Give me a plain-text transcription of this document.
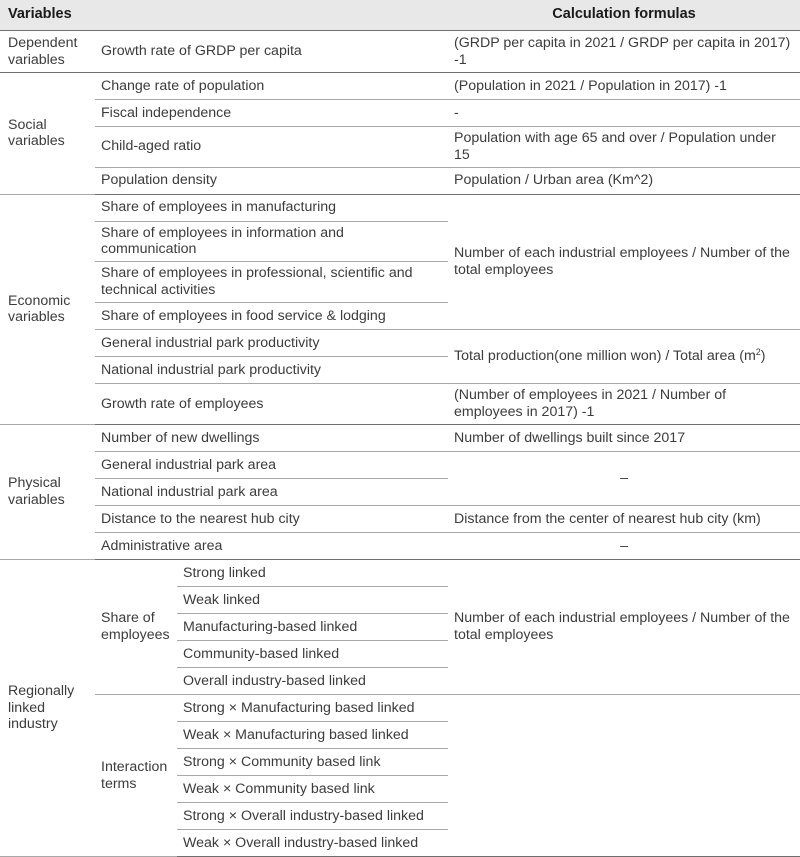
Variables			Calculation formulas
Dependent variables	Growth rate of GRDP per capita		(GRDP per capita in 2021 / GRDP per capita in 2017) -1
Social variables	Change rate of population		(Population in 2021 / Population in 2017) -1
	Fiscal independence		-
	Child-aged ratio		Population with age 65 and over / Population under 15
	Population density		Population / Urban area (Km^2)
Economic variables	Share of employees in manufacturing		Number of each industrial employees / Number of the total employees
	Share of employees in information and communication		
	Share of employees in professional, scientific and technical activities		
	Share of employees in food service & lodging		
	General industrial park productivity		Total production(one million won) / Total area $(m^2)$
	National industrial park productivity		
	Growth rate of employees		(Number of employees in 2021 / Number of employees in 2017) -1
Physical variables	Number of new dwellings		Number of dwellings built since 2017
	General industrial park area		–
	National industrial park area		
	Distance to the nearest hub city		Distance from the center of nearest hub city (km)
	Administrative area		–
Regionally linked industry	Share of employees	Strong linked	Number of each industrial employees / Number of the total employees
		Weak linked	
		Manufacturing-based linked	
		Community-based linked	
		Overall industry-based linked	
	Interaction terms	Strong × Manufacturing based linked	
		Weak × Manufacturing based linked	
		Strong × Community based link	
		Weak × Community based link	
		Strong × Overall industry-based linked	
		Weak × Overall industry-based linked	
